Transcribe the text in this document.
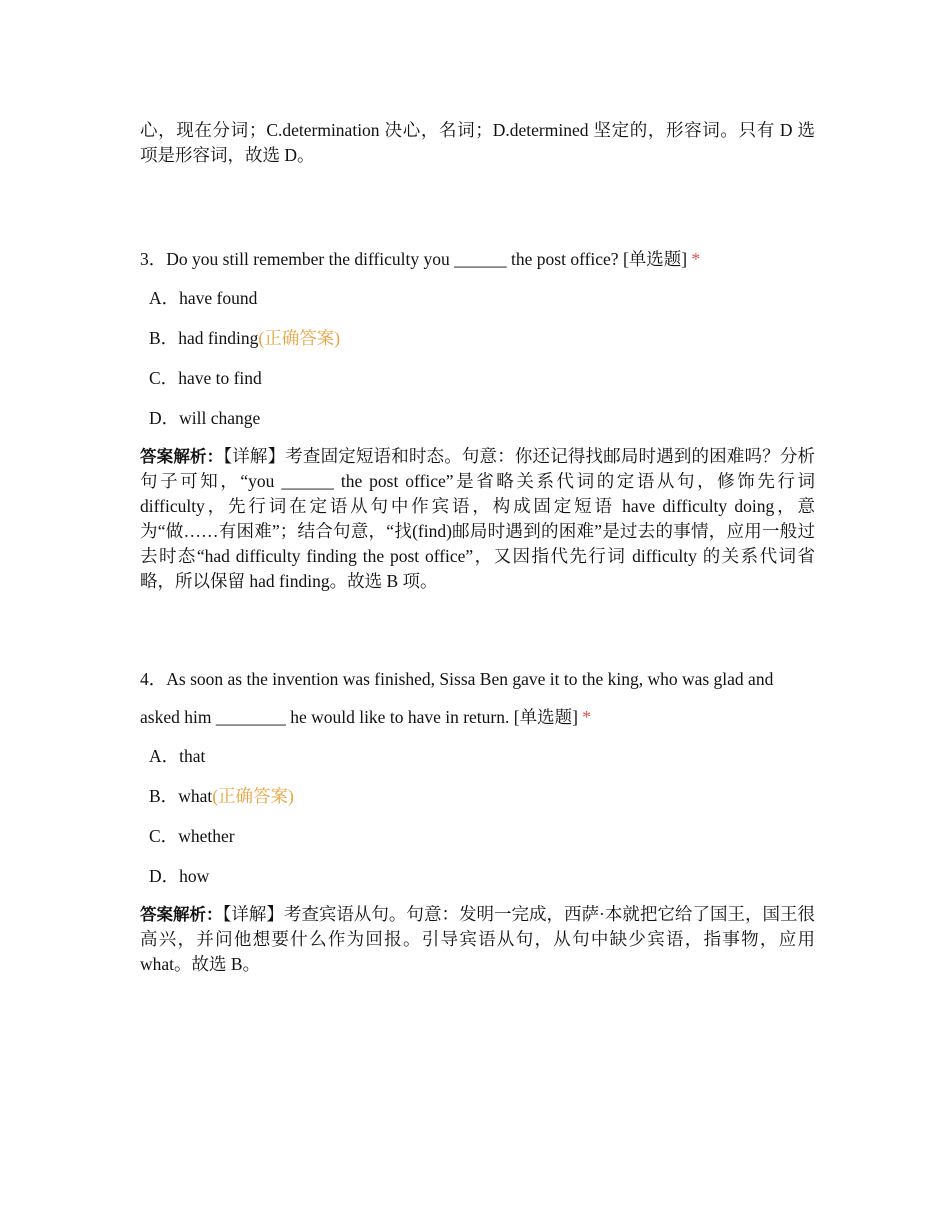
心，现在分词；C.determination 决心，名词；D.determined 坚定的，形容词。只有 D 选项是形容词，故选 D。

3．Do you still remember the difficulty you ______ the post office? [单选题] *

A．have found
B．had finding(正确答案)
C．have to find
D．will change

答案解析：【详解】考查固定短语和时态。句意：你还记得找邮局时遇到的困难吗？分析句子可知，“you ______ the post office”是省略关系代词的定语从句，修饰先行词 difficulty，先行词在定语从句中作宾语，构成固定短语 have difficulty doing，意为“做……有困难”；结合句意，“找(find)邮局时遇到的困难”是过去的事情，应用一般过去时态“had difficulty finding the post office”，又因指代先行词 difficulty 的关系代词省略，所以保留 had finding。故选 B 项。

4．As soon as the invention was finished, Sissa Ben gave it to the king, who was glad and asked him ________ he would like to have in return. [单选题] *

A．that
B．what(正确答案)
C．whether
D．how

答案解析：【详解】考查宾语从句。句意：发明一完成，西萨·本就把它给了国王，国王很高兴，并问他想要什么作为回报。引导宾语从句，从句中缺少宾语，指事物，应用 what。故选 B。
